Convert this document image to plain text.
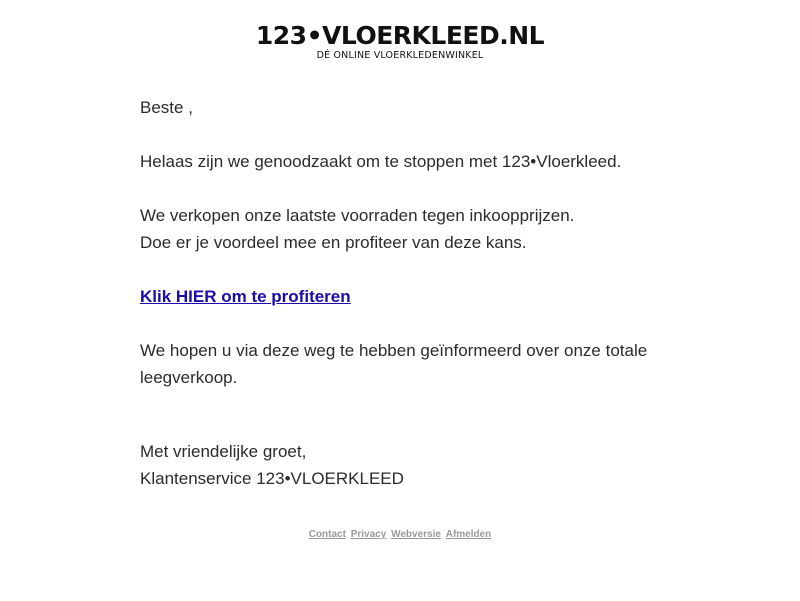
123•VLOERKLEED.NL
DÉ ONLINE VLOERKLEDENWINKEL

Beste ,

Helaas zijn we genoodzaakt om te stoppen met 123•Vloerkleed.

We verkopen onze laatste voorraden tegen inkoopprijzen.

Doe er je voordeel mee en profiteer van deze kans.

Klik HIER om te profiteren

We hopen u via deze weg te hebben geïnformeerd over onze totale leegverkoop.

Met vriendelijke groet,

Klantenservice 123•VLOERKLEED

Contact Privacy Webversie Afmelden
